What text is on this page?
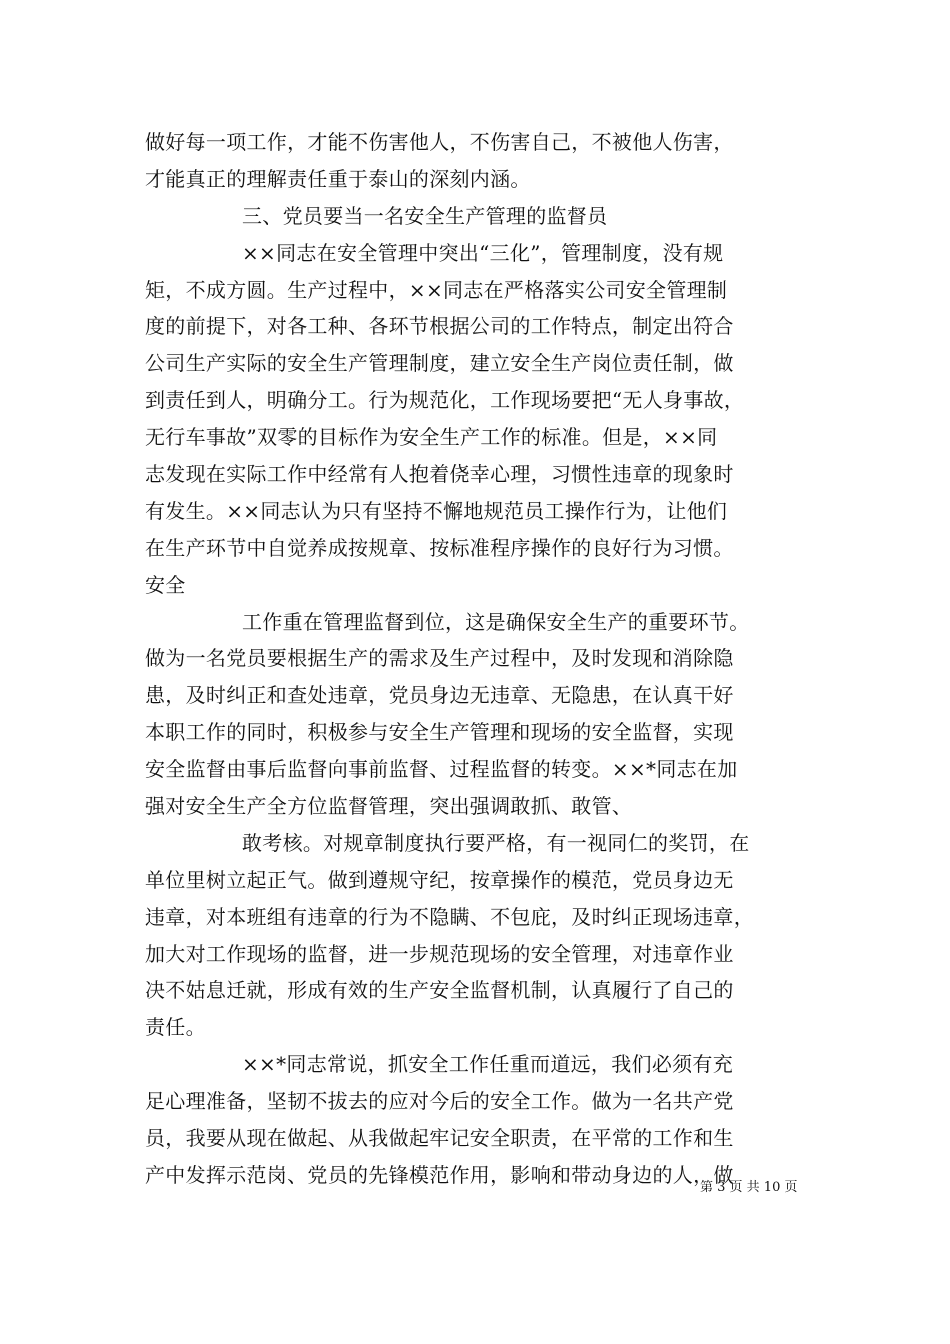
做好每一项工作，才能不伤害他人，不伤害自己，不被他人伤害，
才能真正的理解责任重于泰山的深刻内涵。
三、党员要当一名安全生产管理的监督员
××同志在安全管理中突出“三化”，管理制度，没有规
矩，不成方圆。生产过程中，××同志在严格落实公司安全管理制
度的前提下，对各工种、各环节根据公司的工作特点，制定出符合
公司生产实际的安全生产管理制度，建立安全生产岗位责任制，做
到责任到人，明确分工。行为规范化，工作现场要把“无人身事故，
无行车事故”双零的目标作为安全生产工作的标准。但是，××同
志发现在实际工作中经常有人抱着侥幸心理，习惯性违章的现象时
有发生。××同志认为只有坚持不懈地规范员工操作行为，让他们
在生产环节中自觉养成按规章、按标准程序操作的良好行为习惯。
安全
工作重在管理监督到位，这是确保安全生产的重要环节。
做为一名党员要根据生产的需求及生产过程中，及时发现和消除隐
患，及时纠正和查处违章，党员身边无违章、无隐患，在认真干好
本职工作的同时，积极参与安全生产管理和现场的安全监督，实现
安全监督由事后监督向事前监督、过程监督的转变。××*同志在加
强对安全生产全方位监督管理，突出强调敢抓、敢管、
敢考核。对规章制度执行要严格，有一视同仁的奖罚，在
单位里树立起正气。做到遵规守纪，按章操作的模范，党员身边无
违章，对本班组有违章的行为不隐瞒、不包庇，及时纠正现场违章，
加大对工作现场的监督，进一步规范现场的安全管理，对违章作业
决不姑息迁就，形成有效的生产安全监督机制，认真履行了自己的
责任。
××*同志常说，抓安全工作任重而道远，我们必须有充
足心理准备，坚韧不拔去的应对今后的安全工作。做为一名共产党
员，我要从现在做起、从我做起牢记安全职责，在平常的工作和生
产中发挥示范岗、党员的先锋模范作用，影响和带动身边的人，做
第 3 页 共 10 页
